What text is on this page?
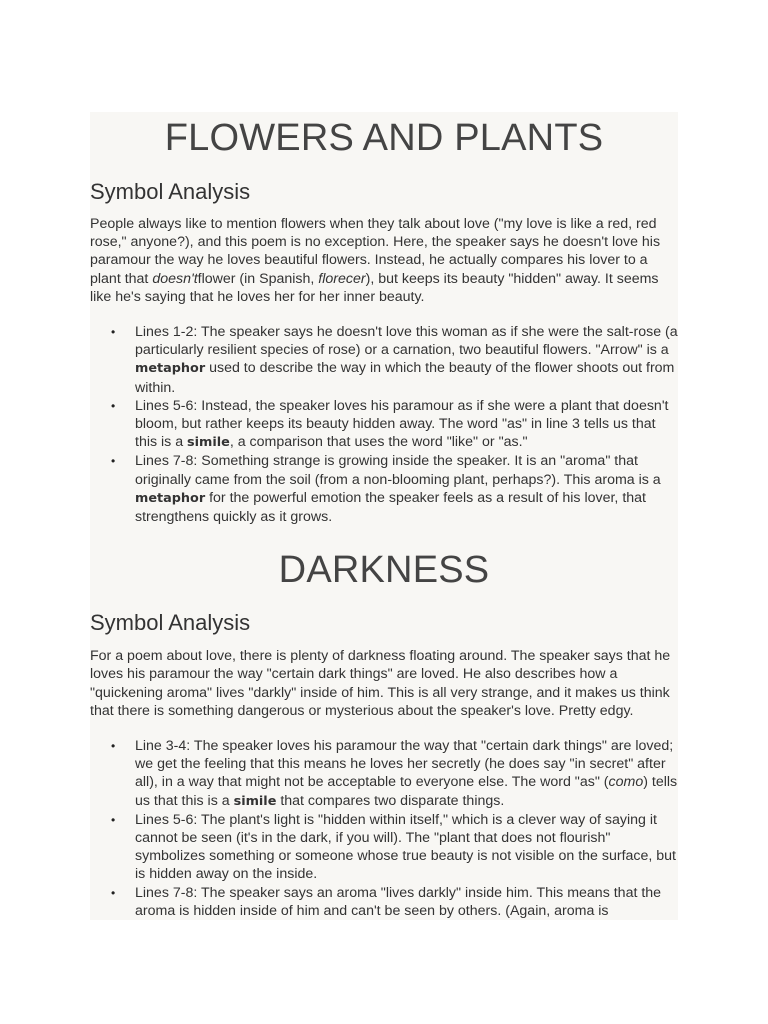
FLOWERS AND PLANTS
Symbol Analysis

People always like to mention flowers when they talk about love ("my love is like a red, red rose," anyone?), and this poem is no exception. Here, the speaker says he doesn't love his paramour the way he loves beautiful flowers. Instead, he actually compares his lover to a plant that doesn'tflower (in Spanish, florecer), but keeps its beauty "hidden" away. It seems like he's saying that he loves her for her inner beauty.

• Lines 1-2: The speaker says he doesn't love this woman as if she were the salt-rose (a particularly resilient species of rose) or a carnation, two beautiful flowers. "Arrow" is a metaphor used to describe the way in which the beauty of the flower shoots out from within.
• Lines 5-6: Instead, the speaker loves his paramour as if she were a plant that doesn't bloom, but rather keeps its beauty hidden away. The word "as" in line 3 tells us that this is a simile, a comparison that uses the word "like" or "as."
• Lines 7-8: Something strange is growing inside the speaker. It is an "aroma" that originally came from the soil (from a non-blooming plant, perhaps?). This aroma is a metaphor for the powerful emotion the speaker feels as a result of his lover, that strengthens quickly as it grows.
DARKNESS
Symbol Analysis

For a poem about love, there is plenty of darkness floating around. The speaker says that he loves his paramour the way "certain dark things" are loved. He also describes how a "quickening aroma" lives "darkly" inside of him. This is all very strange, and it makes us think that there is something dangerous or mysterious about the speaker's love. Pretty edgy.

• Line 3-4: The speaker loves his paramour the way that "certain dark things" are loved; we get the feeling that this means he loves her secretly (he does say "in secret" after all), in a way that might not be acceptable to everyone else. The word "as" (como) tells us that this is a simile that compares two disparate things.
• Lines 5-6: The plant's light is "hidden within itself," which is a clever way of saying it cannot be seen (it's in the dark, if you will). The "plant that does not flourish" symbolizes something or someone whose true beauty is not visible on the surface, but is hidden away on the inside.
• Lines 7-8: The speaker says an aroma "lives darkly" inside him. This means that the aroma is hidden inside of him and can't be seen by others. (Again, aroma is
